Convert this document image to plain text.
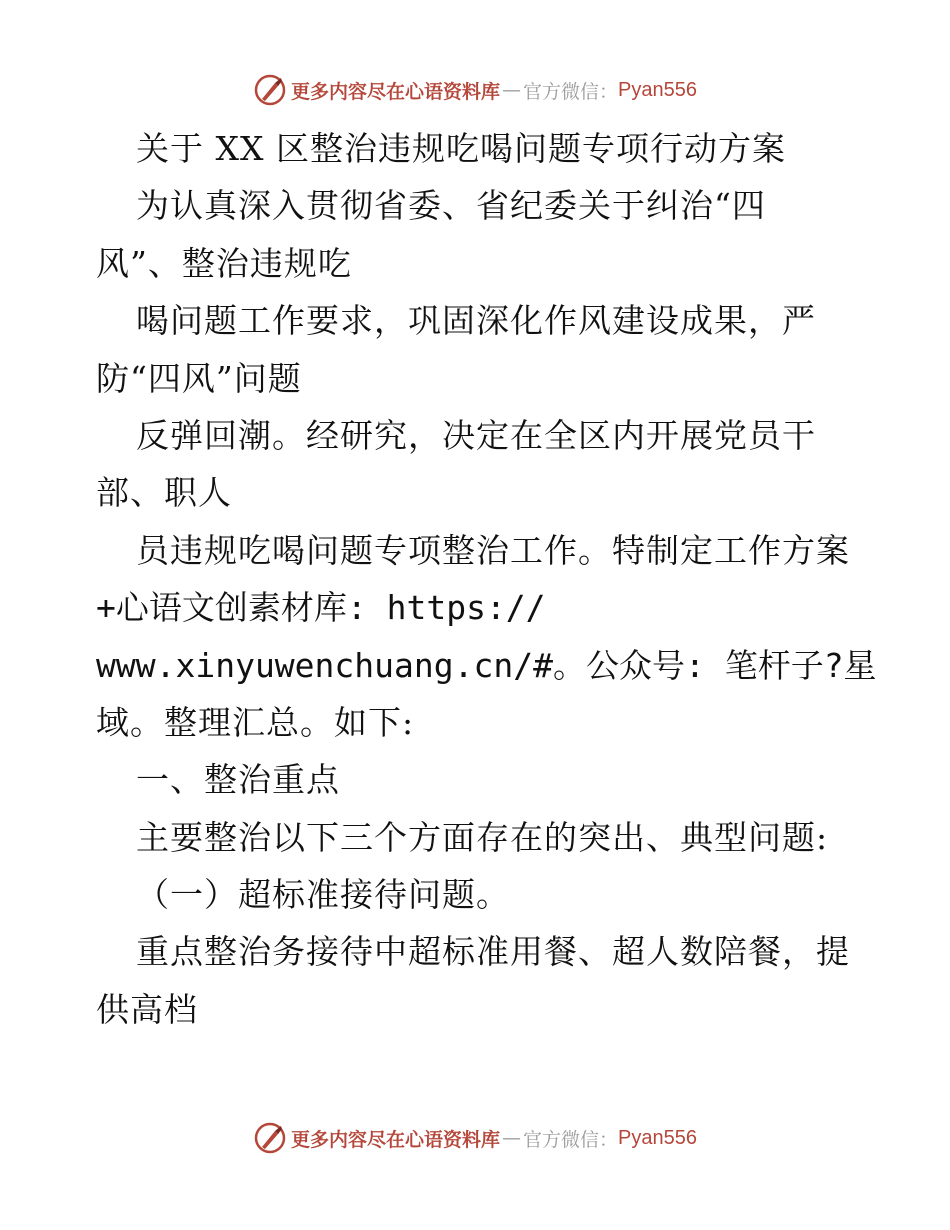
更多内容尽在心语资料库 — 官方微信： Pyan556
关于 XX 区整治违规吃喝问题专项行动方案
为认真深入贯彻省委、省纪委关于纠治“四
风”、整治违规吃
喝问题工作要求，巩固深化作风建设成果，严
防“四风”问题
反弹回潮。经研究，决定在全区内开展党员干
部、职人
员违规吃喝问题专项整治工作。特制定工作方案
+心语文创素材库: https://
www.xinyuwenchuang.cn/#。公众号: 笔杆子?星
域。整理汇总。如下:
一、整治重点
主要整治以下三个方面存在的突出、典型问题:
（一）超标准接待问题。
重点整治务接待中超标准用餐、超人数陪餐，提
供高档
更多内容尽在心语资料库 — 官方微信： Pyan556
